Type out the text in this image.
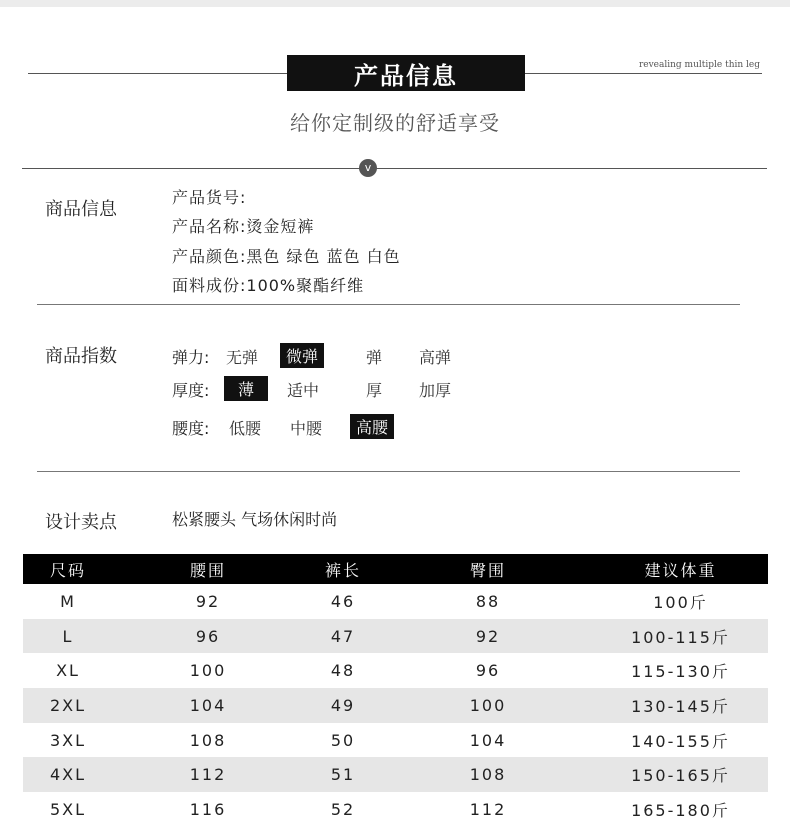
产品信息	revealing multiple thin leg
给你定制级的舒适享受
v
商品信息
产品货号:
产品名称:烫金短裤
产品颜色:黑色 绿色 蓝色 白色
面料成份:100%聚酯纤维
商品指数	弹力: 无弹	微弹	弹 高弹
厚度:	薄	适中	厚 加厚
腰度: 低腰 中腰	高腰
设计卖点	松紧腰头 气场休闲时尚
尺码	腰围	裤长	臀围	建议体重
M	92	46	88	100斤
L	96	47	92	100-115斤
XL	100	48	96	115-130斤
2XL	104	49	100	130-145斤
3XL	108	50	104	140-155斤
4XL	112	51	108	150-165斤
5XL	116	52	112	165-180斤
